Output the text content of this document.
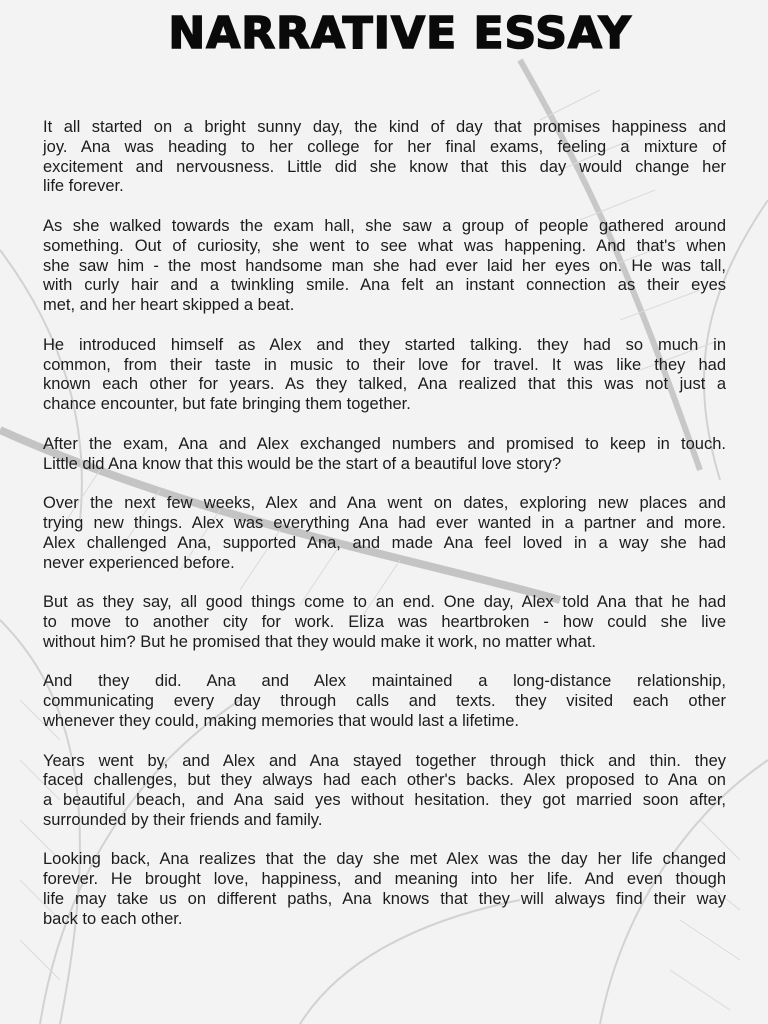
NARRATIVE ESSAY

It all started on a bright sunny day, the kind of day that promises happiness and
joy. Ana was heading to her college for her final exams, feeling a mixture of
excitement and nervousness. Little did she know that this day would change her
life forever.

As she walked towards the exam hall, she saw a group of people gathered around
something. Out of curiosity, she went to see what was happening. And that's when
she saw him - the most handsome man she had ever laid her eyes on. He was tall,
with curly hair and a twinkling smile. Ana felt an instant connection as their eyes
met, and her heart skipped a beat.

He introduced himself as Alex and they started talking. they had so much in
common, from their taste in music to their love for travel. It was like they had
known each other for years. As they talked, Ana realized that this was not just a
chance encounter, but fate bringing them together.

After the exam, Ana and Alex exchanged numbers and promised to keep in touch.
Little did Ana know that this would be the start of a beautiful love story?

Over the next few weeks, Alex and Ana went on dates, exploring new places and
trying new things. Alex was everything Ana had ever wanted in a partner and more.
Alex challenged Ana, supported Ana, and made Ana feel loved in a way she had
never experienced before.

But as they say, all good things come to an end. One day, Alex told Ana that he had
to move to another city for work. Eliza was heartbroken - how could she live
without him? But he promised that they would make it work, no matter what.

And they did. Ana and Alex maintained a long-distance relationship,
communicating every day through calls and texts. they visited each other
whenever they could, making memories that would last a lifetime.

Years went by, and Alex and Ana stayed together through thick and thin. they
faced challenges, but they always had each other's backs. Alex proposed to Ana on
a beautiful beach, and Ana said yes without hesitation. they got married soon after,
surrounded by their friends and family.

Looking back, Ana realizes that the day she met Alex was the day her life changed
forever. He brought love, happiness, and meaning into her life. And even though
life may take us on different paths, Ana knows that they will always find their way
back to each other.
